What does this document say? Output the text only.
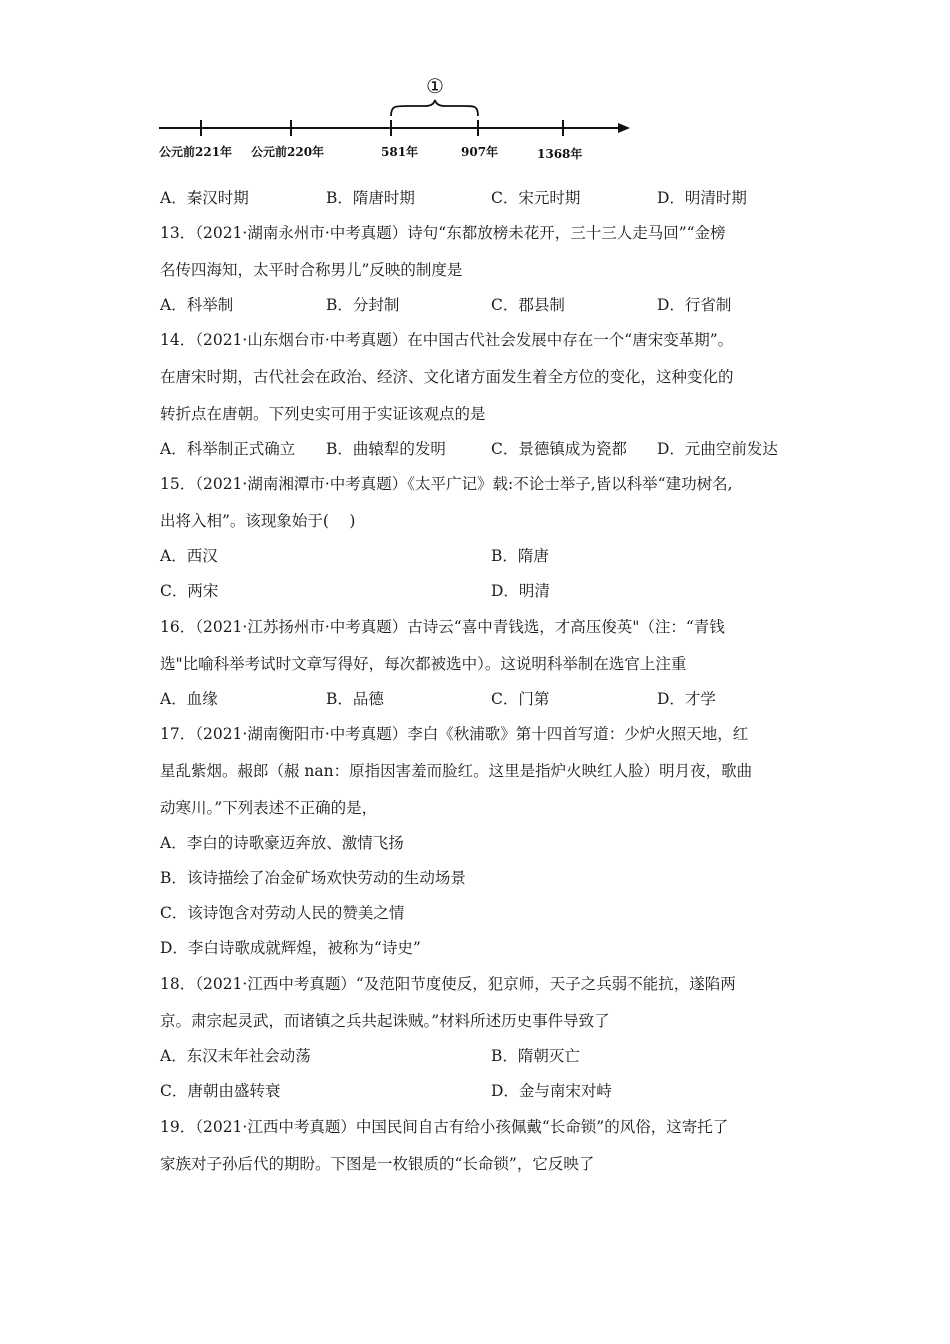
①
公元前221年 公元前220年	581年	907年	1368年
A．秦汉时期	B．隋唐时期	C．宋元时期	D．明清时期
13．（2021·湖南永州市·中考真题）诗句“东都放榜未花开，三十三人走马回”“金榜
名传四海知，太平时合称男儿”反映的制度是
A．科举制	B．分封制	C．郡县制	D．行省制
14．（2021·山东烟台市·中考真题）在中国古代社会发展中存在一个“唐宋变革期”。
在唐宋时期，古代社会在政治、经济、文化诸方面发生着全方位的变化，这种变化的
转折点在唐朝。下列史实可用于实证该观点的是
A．科举制正式确立 B．曲辕犁的发明	C．景德镇成为瓷都 D．元曲空前发达
15．（2021·湖南湘潭市·中考真题）《太平广记》载:不论士举子,皆以科举“建功树名,
出将入相”。该现象始于(　 )
A．西汉	B．隋唐
C．两宋	D．明清
16．（2021·江苏扬州市·中考真题）古诗云“喜中青钱选，才高压俊英"（注：“青钱
选"比喻科举考试时文章写得好，每次都被选中）。这说明科举制在选官上注重
A．血缘	B．品德	C．门第	D．才学
17．（2021·湖南衡阳市·中考真题）李白《秋浦歌》第十四首写道：少炉火照天地，红
星乱紫烟。赧郎（赧 nan：原指因害羞而脸红。这里是指炉火映红人脸）明月夜，歌曲
动寒川。”下列表述不正确的是，
A．李白的诗歌豪迈奔放、激情飞扬
B．该诗描绘了冶金矿场欢快劳动的生动场景
C．该诗饱含对劳动人民的赞美之情
D．李白诗歌成就辉煌，被称为“诗史”
18．（2021·江西中考真题）“及范阳节度使反，犯京师，天子之兵弱不能抗，遂陷两
京。肃宗起灵武，而诸镇之兵共起诛贼。”材料所述历史事件导致了
A．东汉末年社会动荡	B．隋朝灭亡
C．唐朝由盛转衰	D．金与南宋对峙
19．（2021·江西中考真题）中国民间自古有给小孩佩戴“长命锁”的风俗，这寄托了
家族对子孙后代的期盼。下图是一枚银质的“长命锁”，它反映了
